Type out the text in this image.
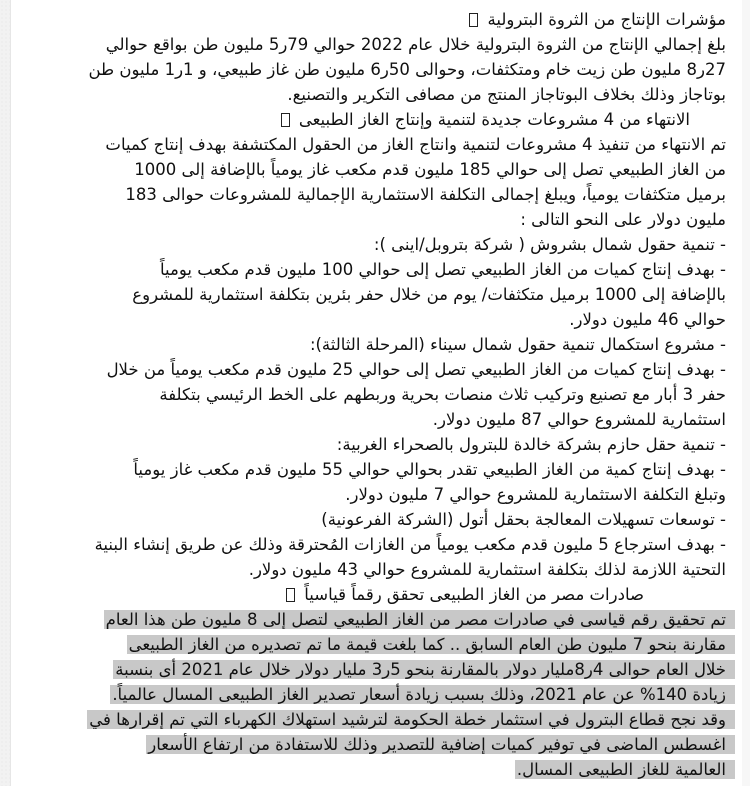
مؤشرات الإنتاج من الثروة البترولية
بلغ إجمالي الإنتاج من الثروة البترولية خلال عام 2022 حوالي 79ر5 مليون طن بواقع حوالي
27ر8 مليون طن زيت خام ومتكثفات، وحوالى 50ر6 مليون طن غاز طبيعي، و 1ر1 مليون طن
بوتاجاز وذلك بخلاف البوتاجاز المنتج من مصافى التكرير والتصنيع.
الانتهاء من 4 مشروعات جديدة لتنمية وإنتاج الغاز الطبيعى
تم الانتهاء من تنفيذ 4 مشروعات لتنمية وانتاج الغاز من الحقول المكتشفة بهدف إنتاج كميات
من الغاز الطبيعي تصل إلى حوالي 185 مليون قدم مكعب غاز يومياً بالإضافة إلى 1000
برميل متكثفات يومياً، ويبلغ إجمالى التكلفة الاستثمارية الإجمالية للمشروعات حوالى 183
مليون دولار على النحو التالى :
- تنمية حقول شمال بشروش ( شركة بتروبل/اينى ):
- بهدف إنتاج كميات من الغاز الطبيعي تصل إلى حوالي 100 مليون قدم مكعب يومياً
بالإضافة إلى 1000 برميل متكثفات/ يوم من خلال حفر بئرين بتكلفة استثمارية للمشروع
حوالي 46 مليون دولار.
- مشروع استكمال تنمية حقول شمال سيناء (المرحلة الثالثة):
- بهدف إنتاج كميات من الغاز الطبيعي تصل إلى حوالي 25 مليون قدم مكعب يومياً من خلال
حفر 3 أبار مع تصنيع وتركيب ثلاث منصات بحرية وربطهم على الخط الرئيسي بتكلفة
استثمارية للمشروع حوالي 87 مليون دولار.
- تنمية حقل حازم بشركة خالدة للبترول بالصحراء الغربية:
- بهدف إنتاج كمية من الغاز الطبيعي تقدر بحوالي حوالي 55 مليون قدم مكعب غاز يومياً
وتبلغ التكلفة الاستثمارية للمشروع حوالي 7 مليون دولار.
- توسعات تسهيلات المعالجة بحقل أتول (الشركة الفرعونية)
- بهدف استرجاع 5 مليون قدم مكعب يومياً من الغازات المُحترقة وذلك عن طريق إنشاء البنية
التحتية اللازمة لذلك بتكلفة استثمارية للمشروع حوالي 43 مليون دولار.
صادرات مصر من الغاز الطبيعى تحقق رقماً قياسياً
تم تحقيق رقم قياسى في صادرات مصر من الغاز الطبيعي لتصل إلى 8 مليون طن هذا العام
مقارنة بنحو 7 مليون طن العام السابق .. كما بلغت قيمة ما تم تصديره من الغاز الطبيعى
خلال العام حوالى 4ر8مليار دولار بالمقارنة بنحو 5ر3 مليار دولار خلال عام 2021 أى بنسبة
زيادة 140% عن عام 2021، وذلك بسبب زيادة أسعار تصدير الغاز الطبيعى المسال عالمياً.
وقد نجح قطاع البترول في استثمار خطة الحكومة لترشيد استهلاك الكهرباء التي تم إقرارها في
اغسطس الماضى في توفير كميات إضافية للتصدير وذلك للاستفادة من ارتفاع الأسعار
العالمية للغاز الطبيعى المسال.
